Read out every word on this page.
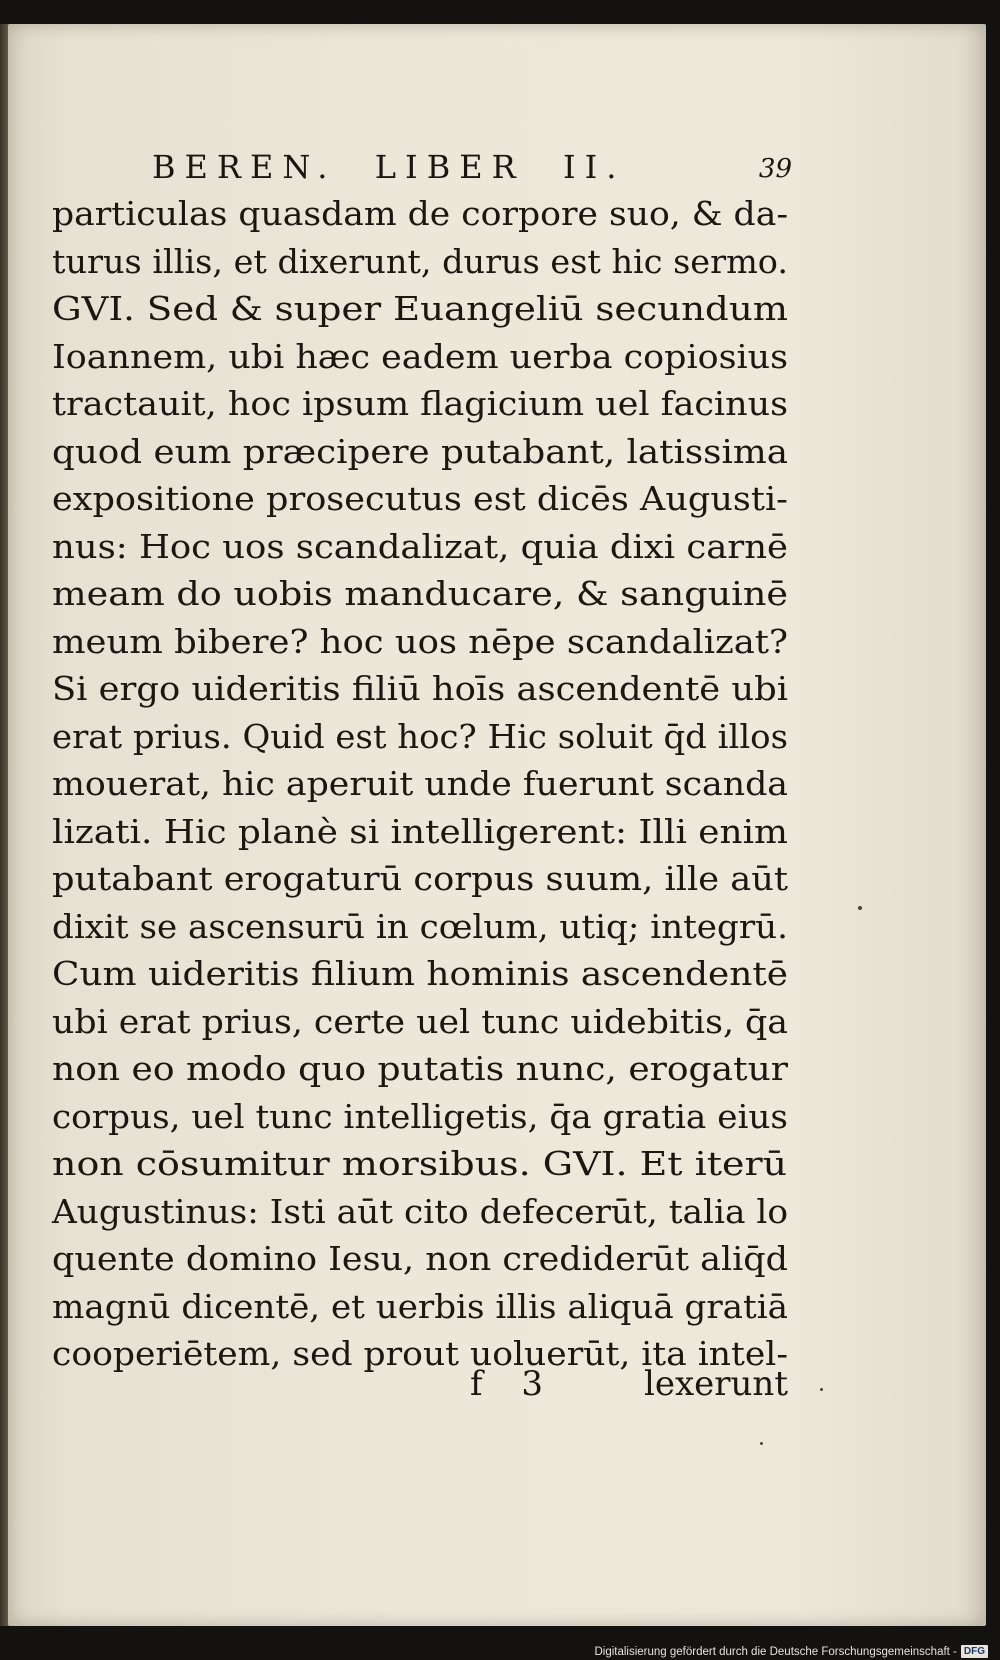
BEREN.  LIBER  II.	39
particulas quasdam de corpore suo, & da-
turus illis, et dixerunt, durus est hic sermo.
GVI. Sed & super Euangeliū secundum
Ioannem, ubi hæc eadem uerba copiosius
tractauit, hoc ipsum flagicium uel facinus
quod eum præcipere putabant, latissima
expositione prosecutus est dicēs Augusti-
nus: Hoc uos scandalizat, quia dixi carnē
meam do uobis manducare, & sanguinē
meum bibere? hoc uos nēpe scandalizat?
Si ergo uideritis filiū hoīs ascendentē ubi
erat prius. Quid est hoc? Hic soluit q̄d illos
mouerat, hic aperuit unde fuerunt scanda
lizati. Hic planè si intelligerent: Illi enim
putabant erogaturū corpus suum, ille aūt
dixit se ascensurū in cœlum, utiq; integrū.
Cum uideritis filium hominis ascendentē
ubi erat prius, certe uel tunc uidebitis, q̄a
non eo modo quo putatis nunc, erogatur
corpus, uel tunc intelligetis, q̄a gratia eius
non cōsumitur morsibus. GVI. Et iterū
Augustinus: Isti aūt cito defecerūt, talia lo
quente domino Iesu, non crediderūt aliq̄d
magnū dicentē, et uerbis illis aliquā gratiā
cooperiētem, sed prout uoluerūt, ita intel-
f 3	lexerunt
Digitalisierung gefördert durch die Deutsche Forschungsgemeinschaft - DFG
